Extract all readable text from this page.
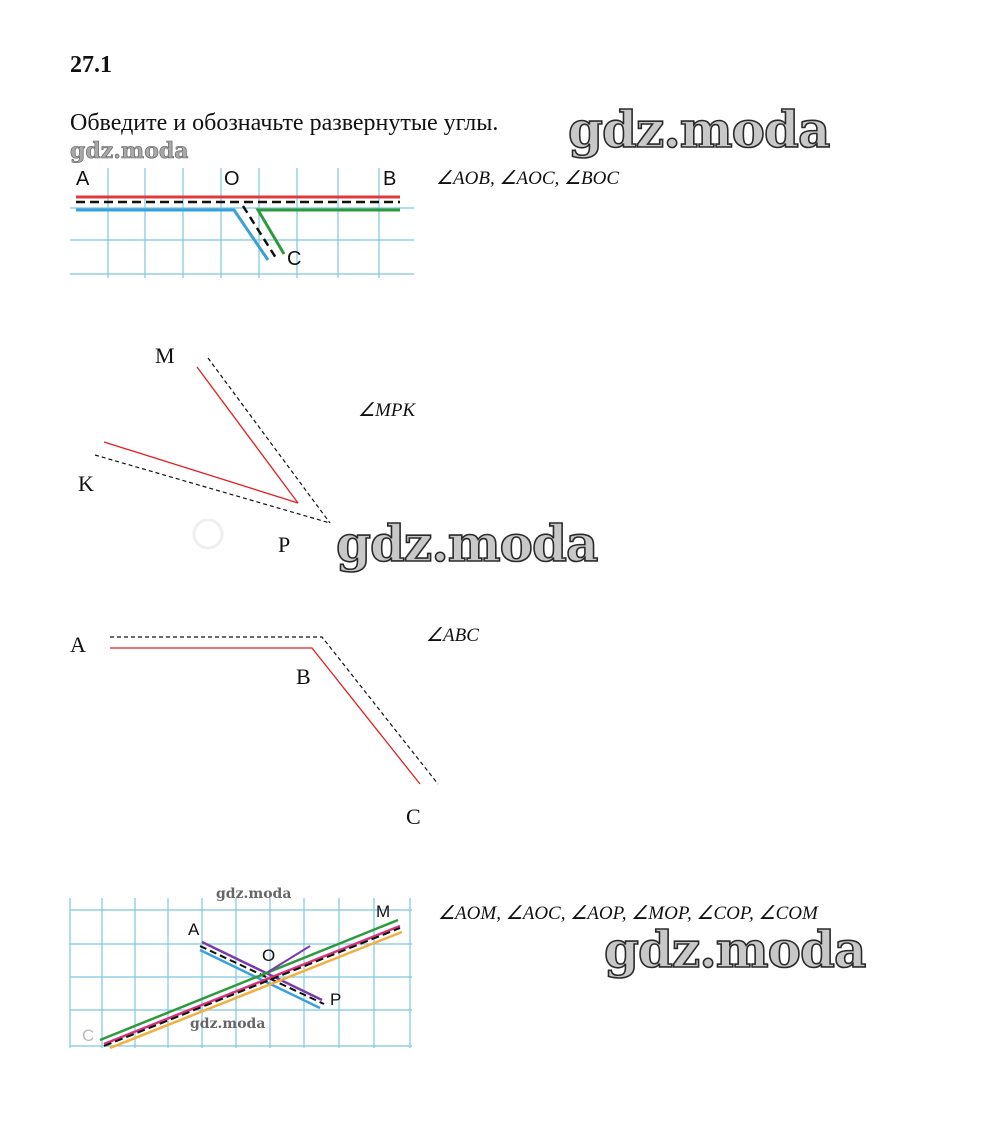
27.1
Обведите и обозначьте развернутые углы. gdz.moda
gdz.moda
A	O	B
C
∠AOB, ∠AOC, ∠BOC
M
K
P
∠MPK
gdz.moda
A
B
C
∠ABC
A
O
M
P
C
gdz.moda
gdz.moda
∠AOM, ∠AOC, ∠AOP, ∠MOP, ∠COP, ∠COM
gdz.moda
